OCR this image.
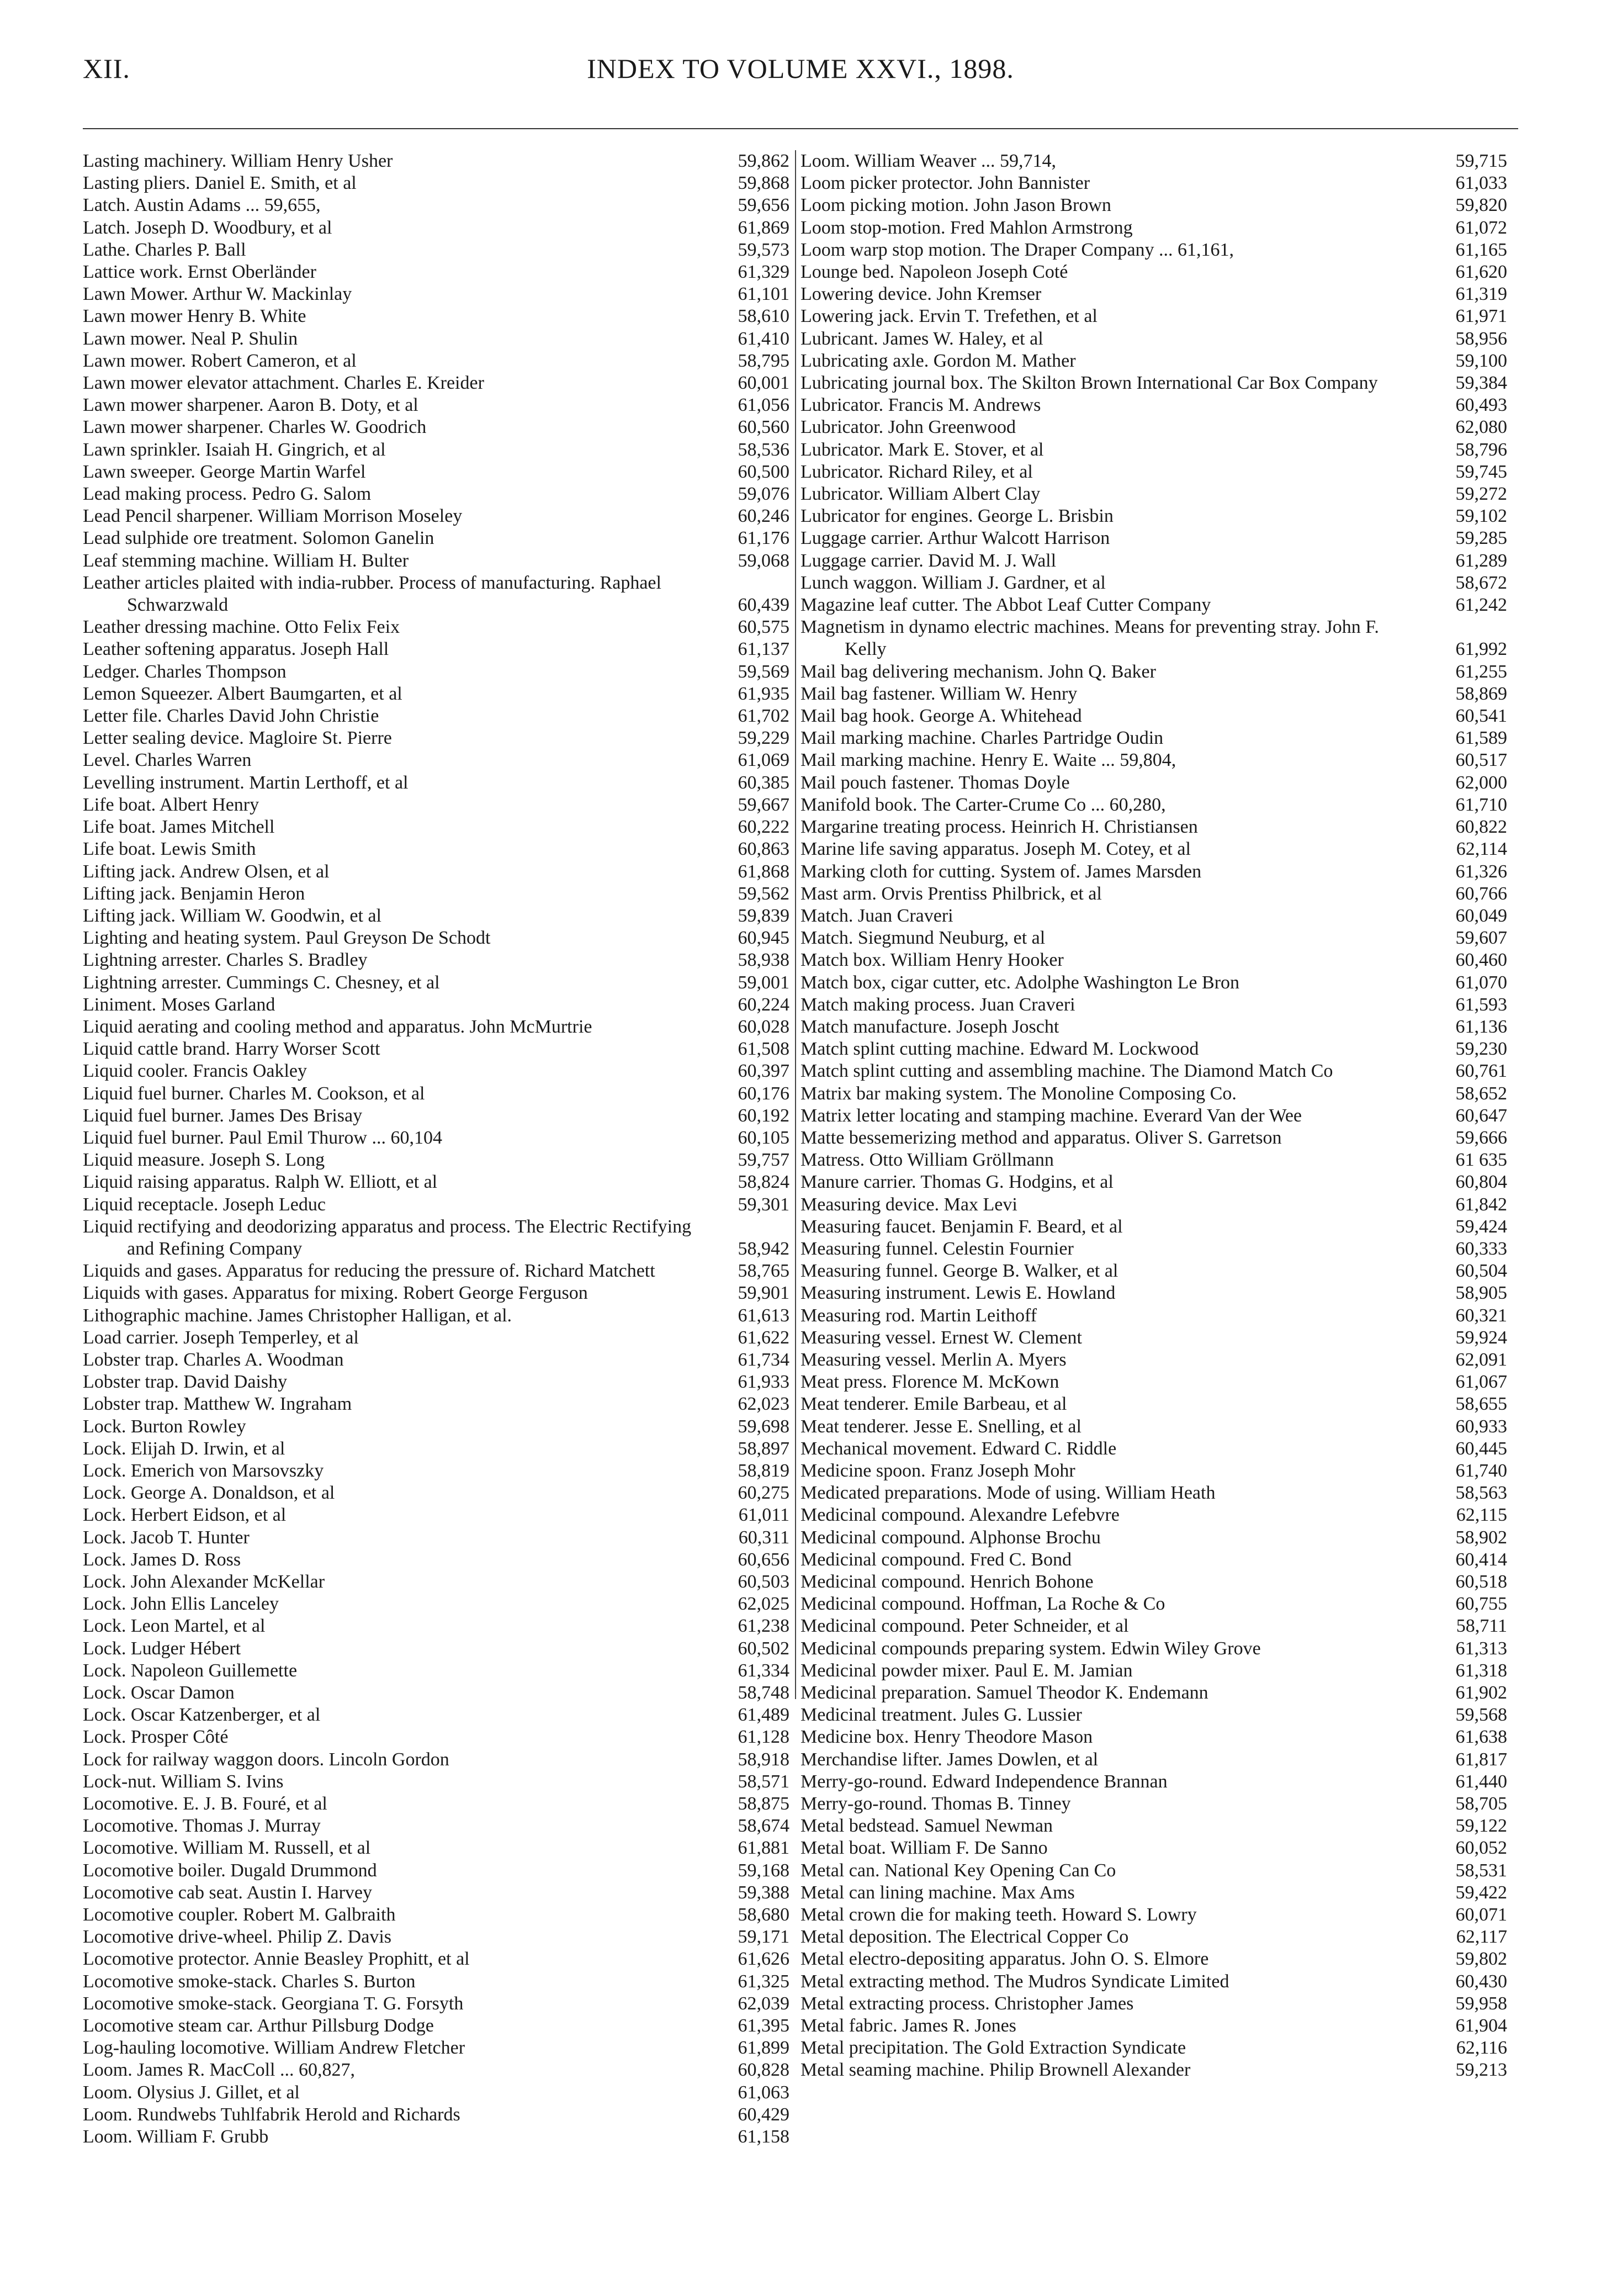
XII.	INDEX TO VOLUME XXVI., 1898.
Lasting machinery. William Henry Usher	59,862
Lasting pliers. Daniel E. Smith, et al	59,868
Latch. Austin Adams ... 59,655,	59,656
Latch. Joseph D. Woodbury, et al	61,869
Lathe. Charles P. Ball	59,573
Lattice work. Ernst Oberländer	61,329
Lawn Mower. Arthur W. Mackinlay	61,101
Lawn mower Henry B. White	58,610
Lawn mower. Neal P. Shulin	61,410
Lawn mower. Robert Cameron, et al	58,795
Lawn mower elevator attachment. Charles E. Kreider	60,001
Lawn mower sharpener. Aaron B. Doty, et al	61,056
Lawn mower sharpener. Charles W. Goodrich	60,560
Lawn sprinkler. Isaiah H. Gingrich, et al	58,536
Lawn sweeper. George Martin Warfel	60,500
Lead making process. Pedro G. Salom	59,076
Lead Pencil sharpener. William Morrison Moseley	60,246
Lead sulphide ore treatment. Solomon Ganelin	61,176
Leaf stemming machine. William H. Bulter	59,068
Leather articles plaited with india-rubber. Process of manufacturing. Raphael Schwarzwald	60,439
Leather dressing machine. Otto Felix Feix	60,575
Leather softening apparatus. Joseph Hall	61,137
Ledger. Charles Thompson	59,569
Lemon Squeezer. Albert Baumgarten, et al	61,935
Letter file. Charles David John Christie	61,702
Letter sealing device. Magloire St. Pierre	59,229
Level. Charles Warren	61,069
Levelling instrument. Martin Lerthoff, et al	60,385
Life boat. Albert Henry	59,667
Life boat. James Mitchell	60,222
Life boat. Lewis Smith	60,863
Lifting jack. Andrew Olsen, et al	61,868
Lifting jack. Benjamin Heron	59,562
Lifting jack. William W. Goodwin, et al	59,839
Lighting and heating system. Paul Greyson De Schodt	60,945
Lightning arrester. Charles S. Bradley	58,938
Lightning arrester. Cummings C. Chesney, et al	59,001
Liniment. Moses Garland	60,224
Liquid aerating and cooling method and apparatus. John McMurtrie	60,028
Liquid cattle brand. Harry Worser Scott	61,508
Liquid cooler. Francis Oakley	60,397
Liquid fuel burner. Charles M. Cookson, et al	60,176
Liquid fuel burner. James Des Brisay	60,192
Liquid fuel burner. Paul Emil Thurow ... 60,104	60,105
Liquid measure. Joseph S. Long	59,757
Liquid raising apparatus. Ralph W. Elliott, et al	58,824
Liquid receptacle. Joseph Leduc	59,301
Liquid rectifying and deodorizing apparatus and process. The Electric Rectifying and Refining Company	58,942
Liquids and gases. Apparatus for reducing the pressure of. Richard Matchett	58,765
Liquids with gases. Apparatus for mixing. Robert George Ferguson	59,901
Lithographic machine. James Christopher Halligan, et al.	61,613
Load carrier. Joseph Temperley, et al	61,622
Lobster trap. Charles A. Woodman	61,734
Lobster trap. David Daishy	61,933
Lobster trap. Matthew W. Ingraham	62,023
Lock. Burton Rowley	59,698
Lock. Elijah D. Irwin, et al	58,897
Lock. Emerich von Marsovszky	58,819
Lock. George A. Donaldson, et al	60,275
Lock. Herbert Eidson, et al	61,011
Lock. Jacob T. Hunter	60,311
Lock. James D. Ross	60,656
Lock. John Alexander McKellar	60,503
Lock. John Ellis Lanceley	62,025
Lock. Leon Martel, et al	61,238
Lock. Ludger Hébert	60,502
Lock. Napoleon Guillemette	61,334
Lock. Oscar Damon	58,748
Lock. Oscar Katzenberger, et al	61,489
Lock. Prosper Côté	61,128
Lock for railway waggon doors. Lincoln Gordon	58,918
Lock-nut. William S. Ivins	58,571
Locomotive. E. J. B. Fouré, et al	58,875
Locomotive. Thomas J. Murray	58,674
Locomotive. William M. Russell, et al	61,881
Locomotive boiler. Dugald Drummond	59,168
Locomotive cab seat. Austin I. Harvey	59,388
Locomotive coupler. Robert M. Galbraith	58,680
Locomotive drive-wheel. Philip Z. Davis	59,171
Locomotive protector. Annie Beasley Prophitt, et al	61,626
Locomotive smoke-stack. Charles S. Burton	61,325
Locomotive smoke-stack. Georgiana T. G. Forsyth	62,039
Locomotive steam car. Arthur Pillsburg Dodge	61,395
Log-hauling locomotive. William Andrew Fletcher	61,899
Loom. James R. MacColl ... 60,827,	60,828
Loom. Olysius J. Gillet, et al	61,063
Loom. Rundwebs Tuhlfabrik Herold and Richards	60,429
Loom. William F. Grubb	61,158
Loom. William Weaver ... 59,714,	59,715
Loom picker protector. John Bannister	61,033
Loom picking motion. John Jason Brown	59,820
Loom stop-motion. Fred Mahlon Armstrong	61,072
Loom warp stop motion. The Draper Company ... 61,161,	61,165
Lounge bed. Napoleon Joseph Coté	61,620
Lowering device. John Kremser	61,319
Lowering jack. Ervin T. Trefethen, et al	61,971
Lubricant. James W. Haley, et al	58,956
Lubricating axle. Gordon M. Mather	59,100
Lubricating journal box. The Skilton Brown International Car Box Company	59,384
Lubricator. Francis M. Andrews	60,493
Lubricator. John Greenwood	62,080
Lubricator. Mark E. Stover, et al	58,796
Lubricator. Richard Riley, et al	59,745
Lubricator. William Albert Clay	59,272
Lubricator for engines. George L. Brisbin	59,102
Luggage carrier. Arthur Walcott Harrison	59,285
Luggage carrier. David M. J. Wall	61,289
Lunch waggon. William J. Gardner, et al	58,672
Magazine leaf cutter. The Abbot Leaf Cutter Company	61,242
Magnetism in dynamo electric machines. Means for preventing stray. John F. Kelly	61,992
Mail bag delivering mechanism. John Q. Baker	61,255
Mail bag fastener. William W. Henry	58,869
Mail bag hook. George A. Whitehead	60,541
Mail marking machine. Charles Partridge Oudin	61,589
Mail marking machine. Henry E. Waite ... 59,804,	60,517
Mail pouch fastener. Thomas Doyle	62,000
Manifold book. The Carter-Crume Co ... 60,280,	61,710
Margarine treating process. Heinrich H. Christiansen	60,822
Marine life saving apparatus. Joseph M. Cotey, et al	62,114
Marking cloth for cutting. System of. James Marsden	61,326
Mast arm. Orvis Prentiss Philbrick, et al	60,766
Match. Juan Craveri	60,049
Match. Siegmund Neuburg, et al	59,607
Match box. William Henry Hooker	60,460
Match box, cigar cutter, etc. Adolphe Washington Le Bron	61,070
Match making process. Juan Craveri	61,593
Match manufacture. Joseph Joscht	61,136
Match splint cutting machine. Edward M. Lockwood	59,230
Match splint cutting and assembling machine. The Diamond Match Co	60,761
Matrix bar making system. The Monoline Composing Co.	58,652
Matrix letter locating and stamping machine. Everard Van der Wee	60,647
Matte bessemerizing method and apparatus. Oliver S. Garretson	59,666
Matress. Otto William Gröllmann	61 635
Manure carrier. Thomas G. Hodgins, et al	60,804
Measuring device. Max Levi	61,842
Measuring faucet. Benjamin F. Beard, et al	59,424
Measuring funnel. Celestin Fournier	60,333
Measuring funnel. George B. Walker, et al	60,504
Measuring instrument. Lewis E. Howland	58,905
Measuring rod. Martin Leithoff	60,321
Measuring vessel. Ernest W. Clement	59,924
Measuring vessel. Merlin A. Myers	62,091
Meat press. Florence M. McKown	61,067
Meat tenderer. Emile Barbeau, et al	58,655
Meat tenderer. Jesse E. Snelling, et al	60,933
Mechanical movement. Edward C. Riddle	60,445
Medicine spoon. Franz Joseph Mohr	61,740
Medicated preparations. Mode of using. William Heath	58,563
Medicinal compound. Alexandre Lefebvre	62,115
Medicinal compound. Alphonse Brochu	58,902
Medicinal compound. Fred C. Bond	60,414
Medicinal compound. Henrich Bohone	60,518
Medicinal compound. Hoffman, La Roche & Co	60,755
Medicinal compound. Peter Schneider, et al	58,711
Medicinal compounds preparing system. Edwin Wiley Grove	61,313
Medicinal powder mixer. Paul E. M. Jamian	61,318
Medicinal preparation. Samuel Theodor K. Endemann	61,902
Medicinal treatment. Jules G. Lussier	59,568
Medicine box. Henry Theodore Mason	61,638
Merchandise lifter. James Dowlen, et al	61,817
Merry-go-round. Edward Independence Brannan	61,440
Merry-go-round. Thomas B. Tinney	58,705
Metal bedstead. Samuel Newman	59,122
Metal boat. William F. De Sanno	60,052
Metal can. National Key Opening Can Co	58,531
Metal can lining machine. Max Ams	59,422
Metal crown die for making teeth. Howard S. Lowry	60,071
Metal deposition. The Electrical Copper Co	62,117
Metal electro-depositing apparatus. John O. S. Elmore	59,802
Metal extracting method. The Mudros Syndicate Limited	60,430
Metal extracting process. Christopher James	59,958
Metal fabric. James R. Jones	61,904
Metal precipitation. The Gold Extraction Syndicate	62,116
Metal seaming machine. Philip Brownell Alexander	59,213
